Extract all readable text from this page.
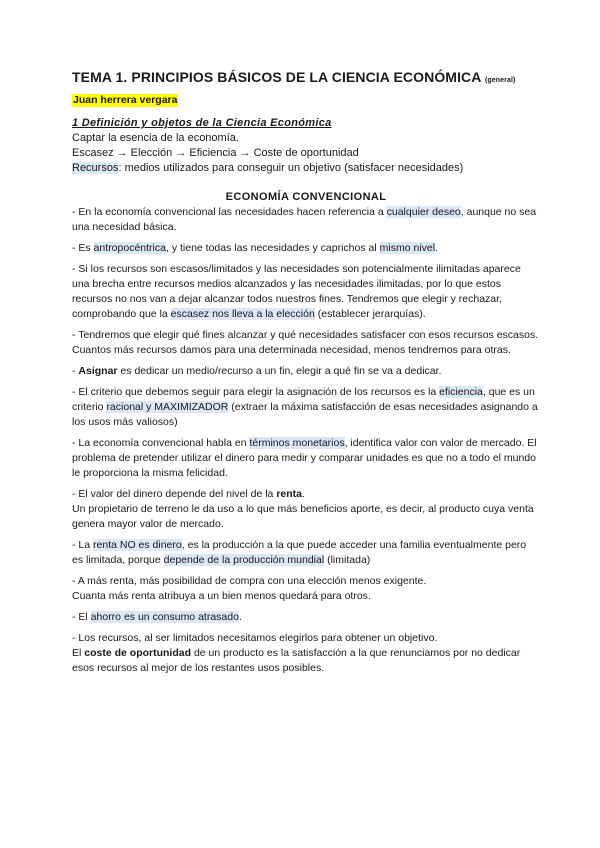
TEMA 1. PRINCIPIOS BÁSICOS DE LA CIENCIA ECONÓMICA (general)
Juan herrera vergara
1 Definición y objetos de la Ciencia Económica
Captar la esencia de la economía.
Escasez → Elección → Eficiencia → Coste de oportunidad
Recursos: medios utilizados para conseguir un objetivo (satisfacer necesidades)
ECONOMÍA CONVENCIONAL

- En la economía convencional las necesidades hacen referencia a cualquier deseo, aunque no sea una necesidad básica.

- Es antropocéntrica, y tiene todas las necesidades y caprichos al mismo nivel.

- Si los recursos son escasos/limitados y las necesidades son potencialmente ilimitadas aparece una brecha entre recursos medios alcanzados y las necesidades ilimitadas, por lo que estos recursos no nos van a dejar alcanzar todos nuestros fines. Tendremos que elegir y rechazar, comprobando que la escasez nos lleva a la elección (establecer jerarquías).

- Tendremos que elegir qué fines alcanzar y qué necesidades satisfacer con esos recursos escasos. Cuantos más recursos damos para una determinada necesidad, menos tendremos para otras.

- Asignar es dedicar un medio/recurso a un fin, elegir a qué fin se va a dedicar.

- El criterio que debemos seguir para elegir la asignación de los recursos es la eficiencia, que es un criterio racional y MAXIMIZADOR (extraer la máxima satisfacción de esas necesidades asignando a los usos más valiosos)

- La economía convencional habla en términos monetarios, identifica valor con valor de mercado. El problema de pretender utilizar el dinero para medir y comparar unidades es que no a todo el mundo le proporciona la misma felicidad.

- El valor del dinero depende del nivel de la renta.
Un propietario de terreno le da uso a lo que más beneficios aporte, es decir, al producto cuya venta genera mayor valor de mercado.

- La renta NO es dinero, es la producción a la que puede acceder una familia eventualmente pero es limitada, porque depende de la producción mundial (limitada)

- A más renta, más posibilidad de compra con una elección menos exigente.
Cuanta más renta atribuya a un bien menos quedará para otros.

- El ahorro es un consumo atrasado.

- Los recursos, al ser limitados necesitamos elegirlos para obtener un objetivo.
El coste de oportunidad de un producto es la satisfacción a la que renunciamos por no dedicar esos recursos al mejor de los restantes usos posibles.
